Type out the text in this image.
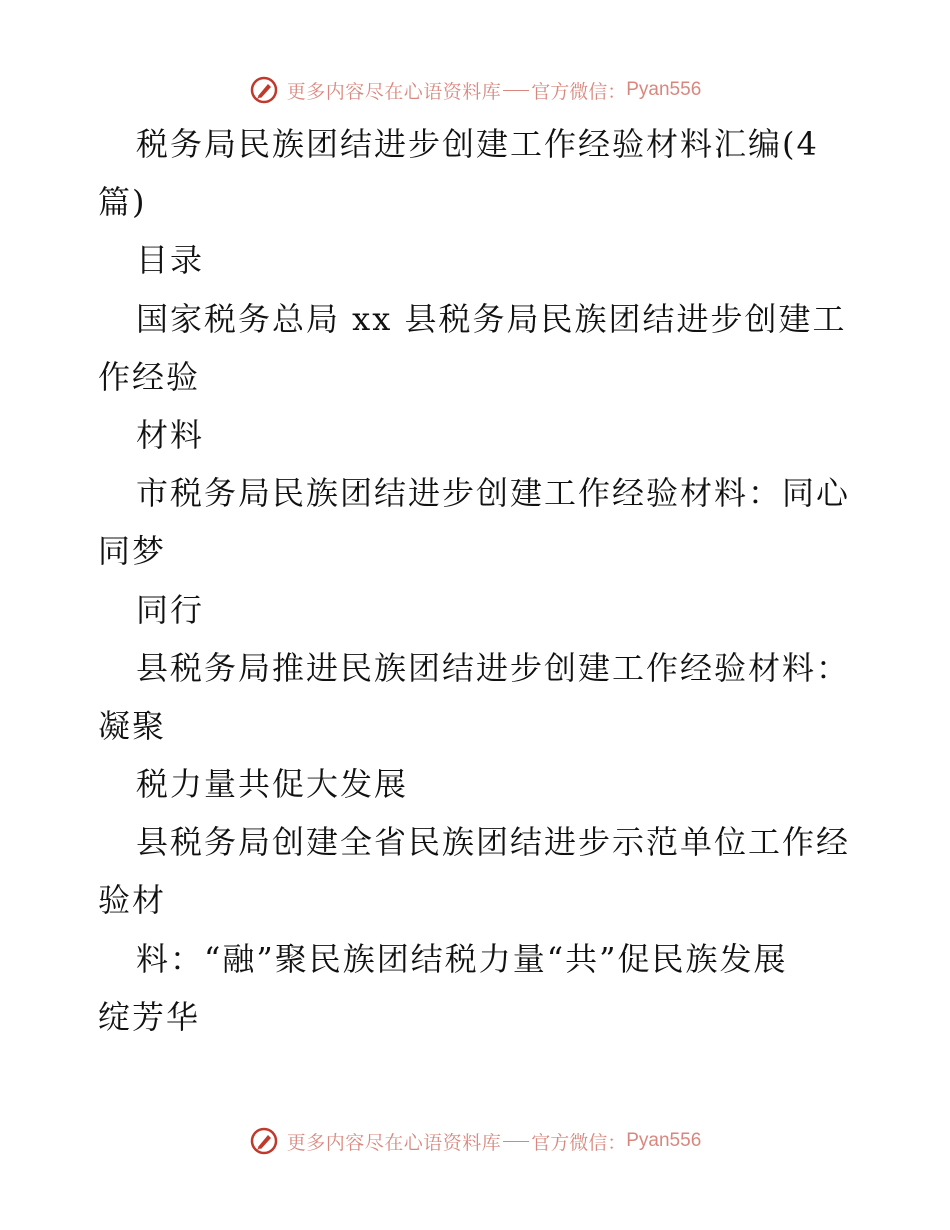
更多内容尽在心语资料库 官方微信： Pyan556
税务局民族团结进步创建工作经验材料汇编(4
篇)
目录
国家税务总局 xx 县税务局民族团结进步创建工
作经验
材料
市税务局民族团结进步创建工作经验材料：同心
同梦
同行
县税务局推进民族团结进步创建工作经验材料：
凝聚
税力量共促大发展
县税务局创建全省民族团结进步示范单位工作经
验材
料：“融”聚民族团结税力量“共”促民族发展
绽芳华
更多内容尽在心语资料库 官方微信： Pyan556
